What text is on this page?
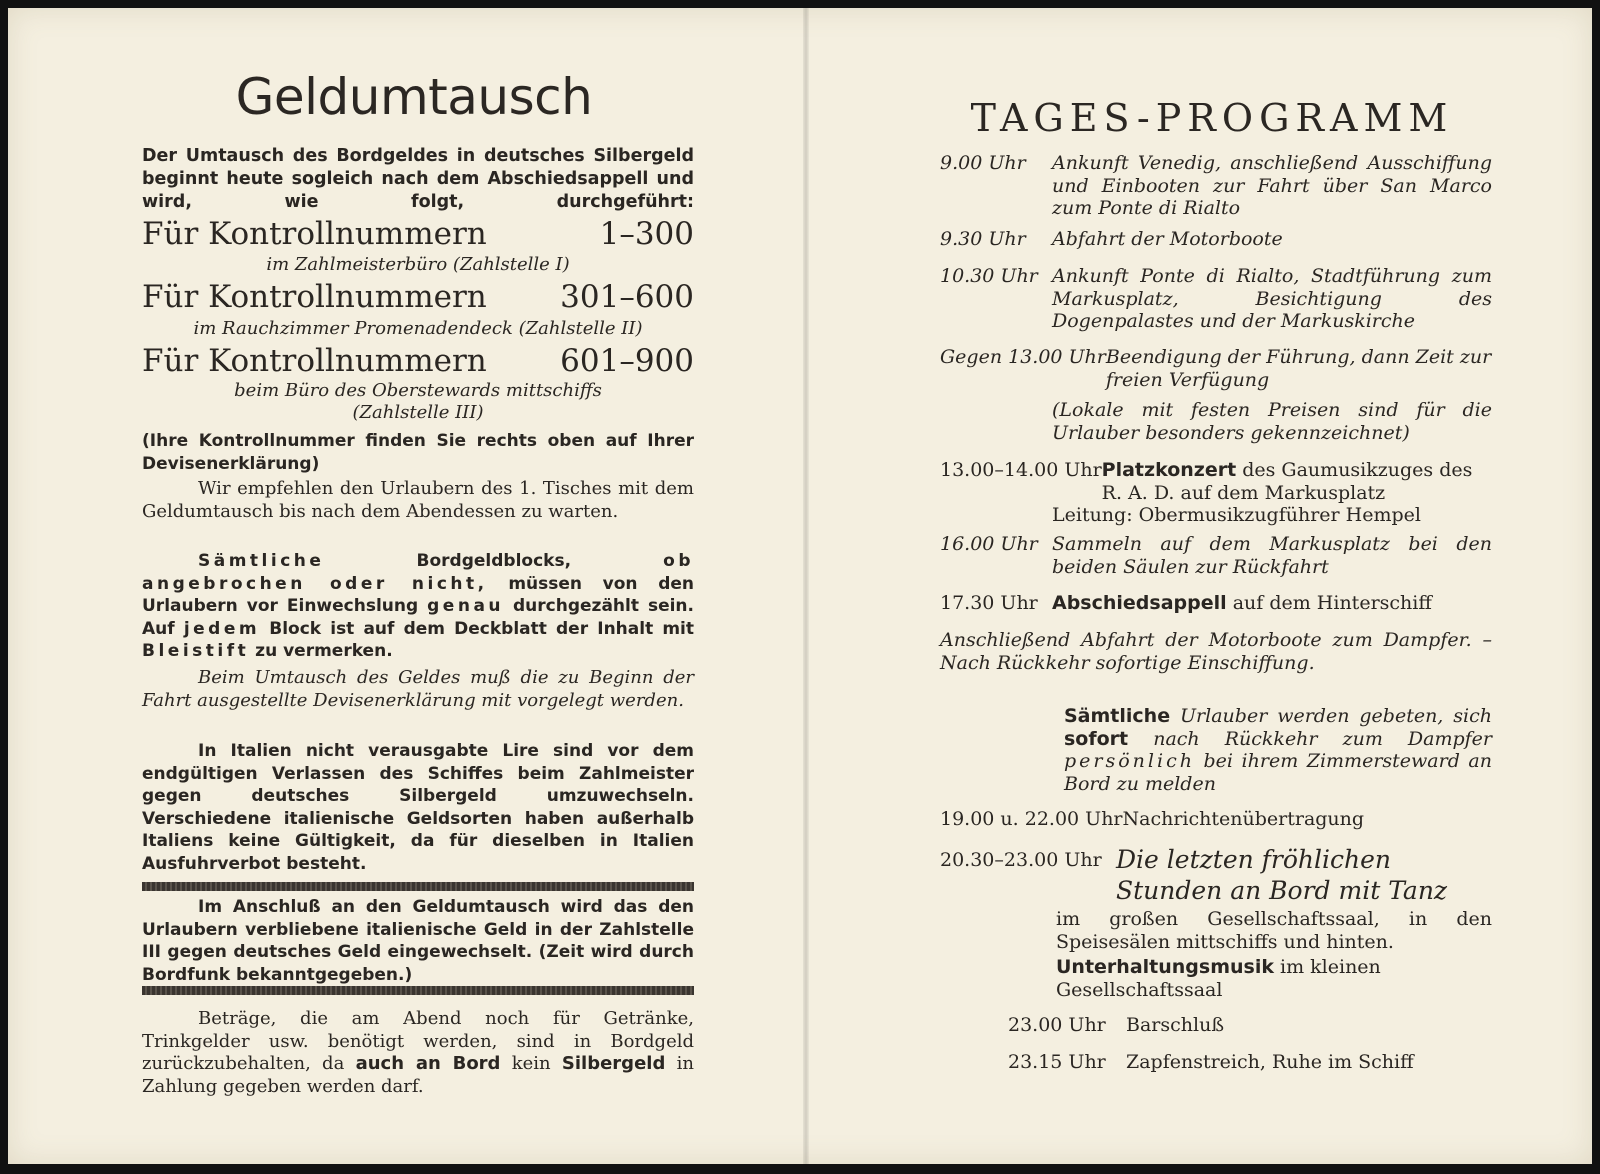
Geldumtausch
Der Umtausch des Bordgeldes in deutsches Silbergeld beginnt heute sogleich nach dem Abschiedsappell und wird, wie folgt, durchgeführt:
Für Kontrollnummern	1–300
im Zahlmeisterbüro (Zahlstelle I)
Für Kontrollnummern 301–600
im Rauchzimmer Promenadendeck (Zahlstelle II)
Für Kontrollnummern 601–900
beim Büro des Oberstewards mittschiffs
(Zahlstelle III)
(Ihre Kontrollnummer finden Sie rechts oben auf Ihrer Devisenerklärung)
Wir empfehlen den Urlaubern des 1. Tisches mit dem Geldumtausch bis nach dem Abendessen zu warten.
Sämtliche	Bordgeldblocks,	ob angebrochen oder nicht, müssen von den Urlaubern vor Einwechslung genau durchgezählt sein. Auf jedem Block ist auf dem Deckblatt der Inhalt mit Bleistift zu vermerken.
Beim Umtausch des Geldes muß die zu Beginn der Fahrt ausgestellte Devisenerklärung mit vorgelegt werden.
In Italien nicht verausgabte Lire sind vor dem endgültigen Verlassen des Schiffes beim Zahlmeister gegen deutsches Silbergeld umzuwechseln. Verschiedene italienische Geldsorten haben außerhalb Italiens keine Gültigkeit, da für dieselben in Italien Ausfuhrverbot besteht.
Im Anschluß an den Geldumtausch wird das den Urlaubern verbliebene italienische Geld in der Zahlstelle III gegen deutsches Geld eingewechselt. (Zeit wird durch Bordfunk bekanntgegeben.)
Beträge, die am Abend noch für Getränke, Trinkgelder usw. benötigt werden, sind in Bordgeld zurückzubehalten, da auch an Bord kein Silbergeld in Zahlung gegeben werden darf.
TAGES-PROGRAMM
9.00 Uhr	Ankunft Venedig, anschließend Ausschiffung und Einbooten zur Fahrt über San Marco zum Ponte di Rialto
9.30 Uhr	Abfahrt der Motorboote
10.30 Uhr Ankunft Ponte di Rialto, Stadtführung zum Markusplatz, Besichtigung des Dogenpalastes und der Markuskirche
Gegen 13.00 Uhr Beendigung der Führung, dann Zeit zur freien Verfügung
(Lokale mit festen Preisen sind für die Urlauber besonders gekennzeichnet)
13.00–14.00 Uhr Platzkonzert des Gaumusikzuges des R. A. D. auf dem Markusplatz
Leitung: Obermusikzugführer Hempel
16.00 Uhr Sammeln auf dem Markusplatz bei den beiden Säulen zur Rückfahrt
17.30 Uhr Abschiedsappell auf dem Hinterschiff
Anschließend Abfahrt der Motorboote zum Dampfer. – Nach Rückkehr sofortige Einschiffung.
Sämtliche Urlauber werden gebeten, sich sofort nach Rückkehr zum Dampfer persönlich bei ihrem Zimmersteward an Bord zu melden
19.00 u. 22.00 Uhr Nachrichtenübertragung
20.30–23.00 Uhr Die letzten fröhlichen Stunden an Bord mit Tanz
im großen Gesellschaftssaal, in den Speisesälen mittschiffs und hinten.
Unterhaltungsmusik im kleinen Gesellschaftssaal
23.00 Uhr	Barschluß
23.15 Uhr	Zapfenstreich, Ruhe im Schiff
